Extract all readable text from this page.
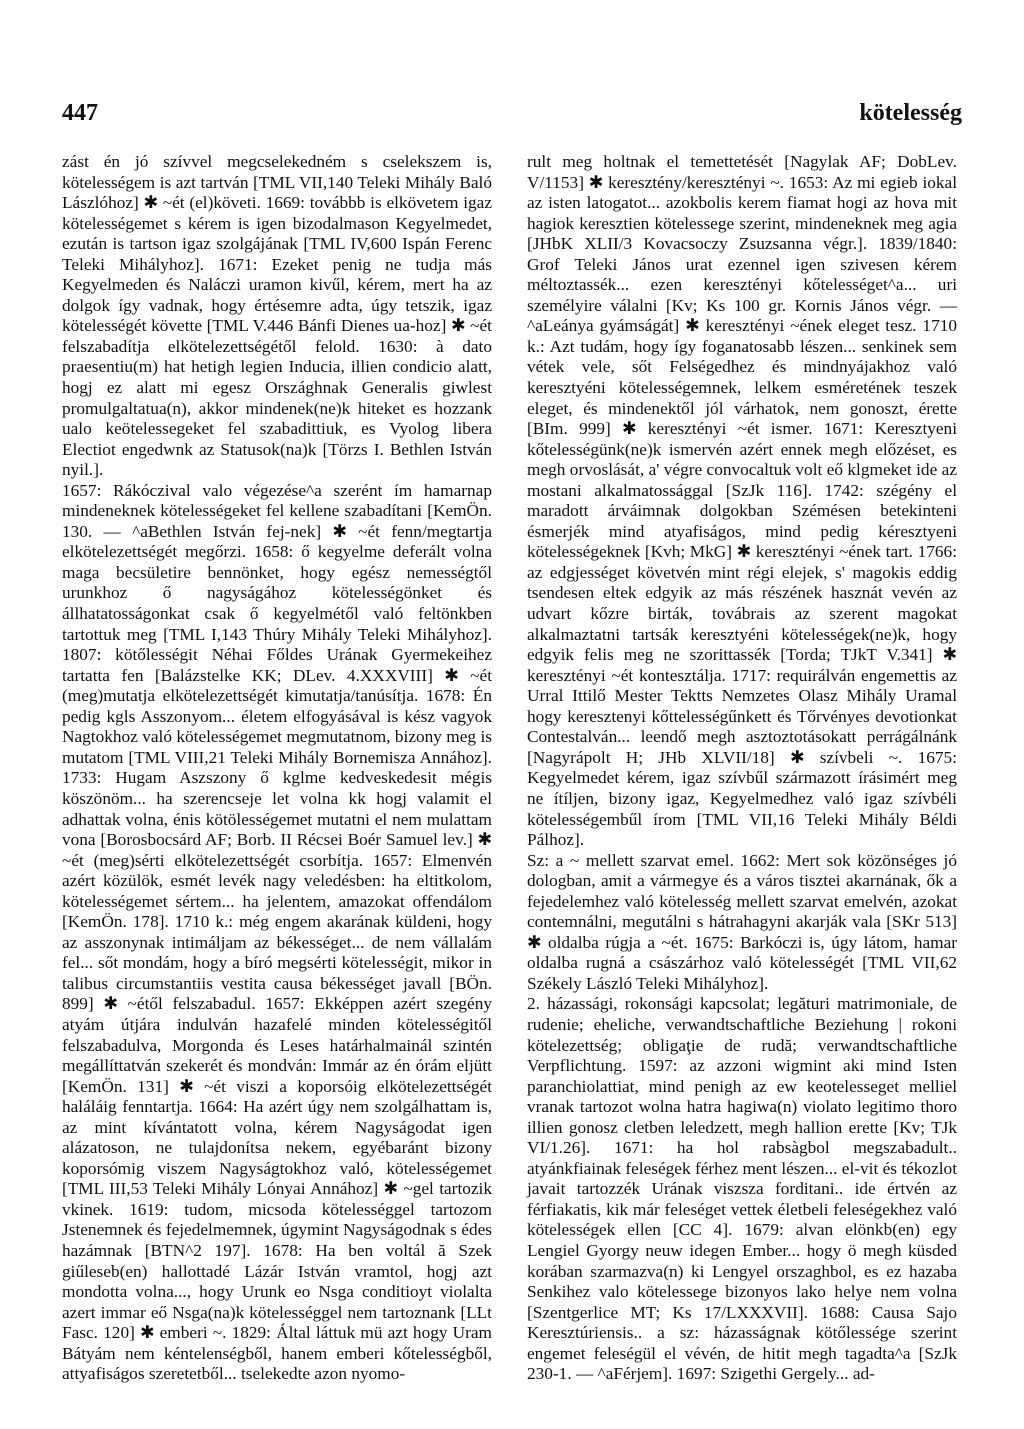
447	kötelesség

zást én jó szívvel megcselekedném s cselekszem is, kötelességem is azt tartván [TML VII,140 Teleki Mihály Baló Lászlóhoz] ✱ ~ét (el)követi. 1669: továbbb is elkövetem igaz kötelességemet s kérem is igen bizodalmason Kegyelmedet, ezután is tartson igaz szolgájának [TML IV,600 Ispán Ferenc Teleki Mihályhoz]. 1671: Ezeket penig ne tudja más Kegyelmeden és Naláczi uramon kivűl, kérem, mert ha az dolgok így vadnak, hogy értésemre adta, úgy tetszik, igaz kötelességét követte [TML V.446 Bánfi Dienes ua-hoz] ✱ ~ét felszabadítja elkötelezettségétől felold. 1630: à dato praesentiu(m) hat hetigh legien Inducia, illien condicio alatt, hogj ez alatt mi egesz Országhnak Generalis giwlest promulgaltatua(n), akkor mindenek(ne)k hiteket es hozzank ualo keötelessegeket fel szabadittiuk, es Vyolog libera Electiot engedwnk az Statusok(na)k [Törzs I. Bethlen István nyil.].

1657: Rákóczival valo végezése^a szerént ím hamarnap mindeneknek kötelességeket fel kellene szabadítani [KemÖn. 130. — ^aBethlen István fej-nek] ✱ ~ét fenn/megtartja elkötelezettségét megőrzi. 1658: ő kegyelme deferált volna maga becsületire bennönket, hogy egész nemességtől urunkhoz ő nagyságához kötelességönket és állhatatosságonkat csak ő kegyelmétől való feltönkben tartottuk meg [TML I,143 Thúry Mihály Teleki Mihályhoz]. 1807: kötőlességit Néhai Főldes Urának Gyermekeihez tartatta fen [Balázstelke KK; DLev. 4.XXXVIII] ✱ ~ét (meg)mutatja elkötelezettségét kimutatja/tanúsítja. 1678: Én pedig kgls Asszonyom... életem elfogyásával is kész vagyok Nagtokhoz való kötelességemet megmutatnom, bizony meg is mutatom [TML VIII,21 Teleki Mihály Bornemisza Annához]. 1733: Hugam Aszszony ő kglme kedveskedesit mégis köszönöm... ha szerencseje let volna kk hogj valamit el adhattak volna, énis kötölességemet mutatni el nem mulattam vona [Borosbocsárd AF; Borb. II Récsei Boér Samuel lev.] ✱ ~ét (meg)sérti elkötelezettségét csorbítja. 1657: Elmenvén azért közülök, esmét levék nagy veledésben: ha eltitkolom, kötelességemet sértem... ha jelentem, amazokat offendálom [KemÖn. 178]. 1710 k.: még engem akarának küldeni, hogy az asszonynak intimáljam az békességet... de nem vállalám fel... sőt mondám, hogy a bíró megsérti kötelességit, mikor in talibus circumstantiis vestita causa békességet javall [BÖn. 899] ✱ ~étől felszabadul. 1657: Ekképpen azért szegény atyám útjára indulván hazafelé minden kötelességitől felszabadulva, Morgonda és Leses határhalmainál szintén megállíttatván szekerét és mondván: Immár az én órám eljütt [KemÖn. 131] ✱ ~ét viszi a koporsóig elkötelezettségét haláláig fenntartja. 1664: Ha azért úgy nem szolgálhattam is, az mint kívántatott volna, kérem Nagyságodat igen alázatoson, ne tulajdonítsa nekem, egyébaránt bizony koporsómig viszem Nagyságtokhoz való, kötelességemet [TML III,53 Teleki Mihály Lónyai Annához] ✱ ~gel tartozik vkinek. 1619: tudom, micsoda kötelességgel tartozom Jstenemnek és fejedelmemnek, úgymint Nagyságodnak s édes hazámnak [BTN^2 197]. 1678: Ha ben voltál ă Szek giűleseb(en) hallottadé Lázár István vramtol, hogj azt mondotta volna..., hogy Urunk eo Nsga conditioyt violalta azert immar eő Nsga(na)k kötelességgel nem tartoznank [LLt Fasc. 120] ✱ emberi ~. 1829: Által láttuk mü azt hogy Uram Bátyám nem kéntelenségből, hanem emberi kőtelességből, attyafiságos szeretetből... tselekedte azon nyomo-

rult meg holtnak el temettetését [Nagylak AF; DobLev. V/1153] ✱ keresztény/keresztényi ~. 1653: Az mi egieb iokal az isten latogatot... azokbolis kerem fiamat hogi az hova mit hagiok keresztien kötelessege szerint, mindeneknek meg agia [JHbK XLII/3 Kovacsoczy Zsuzsanna végr.]. 1839/1840: Grof Teleki János urat ezennel igen szivesen kérem méltoztassék... ezen keresztényi kőtelességet^a... uri személyire válalni [Kv; Ks 100 gr. Kornis János végr. — ^aLeánya gyámságát] ✱ keresztényi ~ének eleget tesz. 1710 k.: Azt tudám, hogy így foganatosabb lészen... senkinek sem vétek vele, sőt Felségedhez és mindnyájakhoz való keresztyéni kötelességemnek, lelkem esméretének teszek eleget, és mindenektől jól várhatok, nem gonoszt, érette [BIm. 999] ✱ keresztényi ~ét ismer. 1671: Keresztyeni kőtelességünk(ne)k ismervén azért ennek megh előzéset, es megh orvoslását, a' végre convocaltuk volt eő klgmeket ide az mostani alkalmatossággal [SzJk 116]. 1742: szégény el maradott árváimnak dolgokban Szémésen betekinteni ésmerjék mind atyafiságos, mind pedig kéresztyeni kötelességeknek [Kvh; MkG] ✱ keresztényi ~ének tart. 1766: az edgjességet követvén mint régi elejek, s' magokis eddig tsendesen eltek edgyik az más részének hasznát vevén az udvart kőzre birták, továbrais az szerent magokat alkalmaztatni tartsák keresztyéni kötelességek(ne)k, hogy edgyik felis meg ne szorittassék [Torda; TJkT V.341] ✱ keresztényi ~ét kontesztálja. 1717: requirálván engemettis az Urral Ittilő Mester Tektts Nemzetes Olasz Mihály Uramal hogy keresztenyi kőttelességűnkett és Tőrvényes devotionkat Contestalván... leendő megh asztoztotásokatt perrágálnánk [Nagyrápolt H; JHb XLVII/18] ✱ szívbeli ~. 1675: Kegyelmedet kérem, igaz szívbűl származott írásimért meg ne ítíljen, bizony igaz, Kegyelmedhez való igaz szívbéli kötelességembűl írom [TML VII,16 Teleki Mihály Béldi Pálhoz].

Sz: a ~ mellett szarvat emel. 1662: Mert sok közönséges jó dologban, amit a vármegye és a város tisztei akarnának, ők a fejedelemhez való kötelesség mellett szarvat emelvén, azokat contemnálni, megutálni s hátrahagyni akarják vala [SKr 513] ✱ oldalba rúgja a ~ét. 1675: Barkóczi is, úgy látom, hamar oldalba rugná a császárhoz való kötelességét [TML VII,62 Székely László Teleki Mihályhoz].

2. házassági, rokonsági kapcsolat; legături matrimoniale, de rudenie; eheliche, verwandtschaftliche Beziehung | rokoni kötelezettség; obligaţie de rudă; verwandtschaftliche Verpflichtung. 1597: az azzoni wigmint aki mind Isten paranchiolattiat, mind penigh az ew keotelesseget melliel vranak tartozot wolna hatra hagiwa(n) violato legitimo thoro illien gonosz cletben leledzett, megh hallion erette [Kv; TJk VI/1.26]. 1671: ha hol rabsàgbol megszabadult.. atyánkfiainak feleségek férhez ment lészen... el-vit és tékozlot javait tartozzék Urának viszsza forditani.. ide értvén az férfiakatis, kik már feleséget vettek életbeli feleségekhez való kötelességek ellen [CC 4]. 1679: alvan elönkb(en) egy Lengiel Gyorgy neuw idegen Ember... hogy ö megh küsded korában szarmazva(n) ki Lengyel orszaghbol, es ez hazaba Senkihez valo kötelessege bizonyos lako helye nem volna [Szentgerlice MT; Ks 17/LXXXVII]. 1688: Causa Sajo Keresztúriensis.. a sz: házasságnak kötőlessége szerint engemet feleségül el vévén, de hitit megh tagadta^a [SzJk 230-1. — ^aFérjem]. 1697: Szigethi Gergely... ad-
